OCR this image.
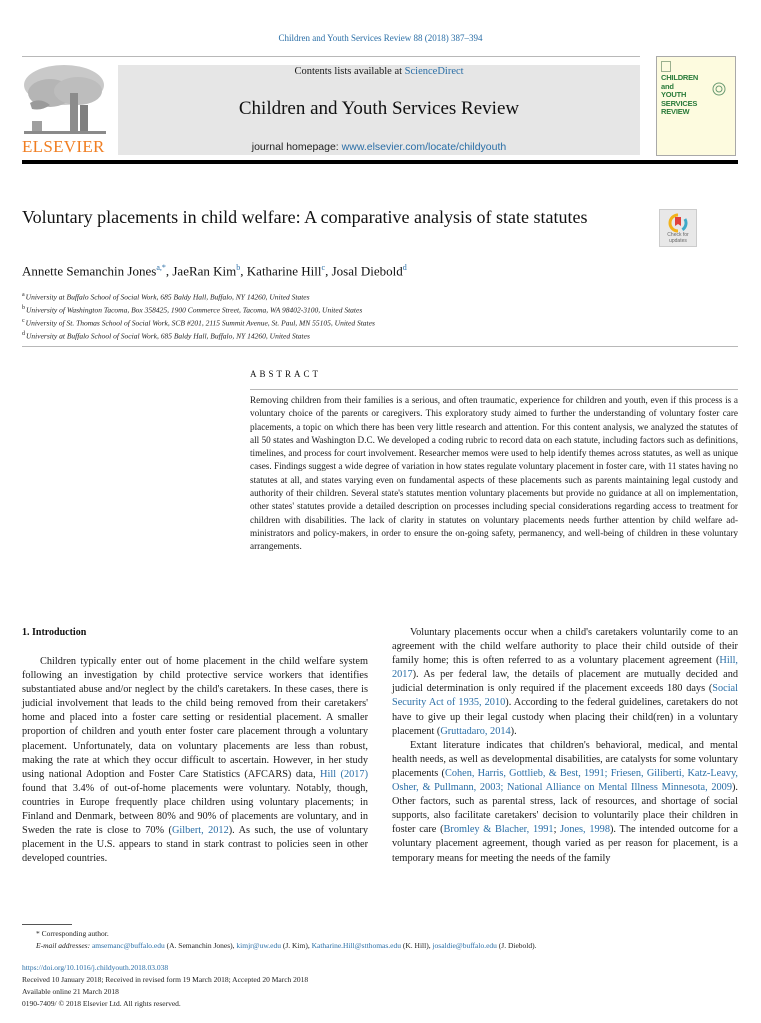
Children and Youth Services Review 88 (2018) 387–394
ELSEVIER
Contents lists available at ScienceDirect
Children and Youth Services Review
journal homepage: www.elsevier.com/locate/childyouth
CHILDREN
and
YOUTH
SERVICES
REVIEW
Voluntary placements in child welfare: A comparative analysis of state statutes
Check for
updates
Annette Semanchin Jones$^{a,*}$, JaeRan Kim$^b$, Katharine Hill$^c$, Josal Diebold$^d$
$^a$University at Buffalo School of Social Work, 685 Baldy Hall, Buffalo, NY 14260, United States
$^b$University of Washington Tacoma, Box 358425, 1900 Commerce Street, Tacoma, WA 98402-3100, United States
$^c$University of St. Thomas School of Social Work, SCB #201, 2115 Summit Avenue, St. Paul, MN 55105, United States
$^d$University at Buffalo School of Social Work, 685 Baldy Hall, Buffalo, NY 14260, United States
ABSTRACT
Removing children from their families is a serious, and often traumatic, experience for children and youth, even if this process is a voluntary choice of the parents or caregivers. This exploratory study aimed to further the understanding of voluntary foster care placements, a topic on which there has been very little research and attention. For this content analysis, we analyzed the statutes of all 50 states and Washington D.C. We developed a coding rubric to record data on each statute, including factors such as definitions, timelines, and process for court involvement. Researcher memos were used to help identify themes across statutes, as well as unique cases. Findings suggest a wide degree of variation in how states regulate voluntary placement in foster care, with 11 states having no statutes at all, and states varying even on fundamental aspects of these placements such as parents maintaining legal custody and authority of their children. Several state's statutes mention voluntary placements but provide no guidance at all on implementation, other states' statutes provide a detailed description on processes including special considerations regarding access to treatment for children with disabilities. The lack of clarity in statutes on voluntary placements needs further attention by child welfare administrators and policy-makers, in order to ensure the on-going safety, permanency, and well-being of children in these voluntary arrangements.
1. Introduction

Children typically enter out of home placement in the child welfare system following an investigation by child protective service workers that identifies substantiated abuse and/or neglect by the child's caretakers. In these cases, there is judicial involvement that leads to the child being removed from their caretakers' home and placed into a foster care setting or residential placement. A smaller proportion of children and youth enter foster care placement through a voluntary placement. Unfortunately, data on voluntary placements are less than robust, making the rate at which they occur difficult to ascertain. However, in her study using national Adoption and Foster Care Statistics (AFCARS) data, Hill (2017) found that 3.4% of out-of-home placements were voluntary. Notably, though, countries in Europe frequently place children using voluntary placements; in Finland and Denmark, between 80% and 90% of placements are voluntary, and in Sweden the rate is close to 70% (Gilbert, 2012). As such, the use of voluntary placement in the U.S. appears to stand in stark contrast to policies seen in other developed countries.

Voluntary placements occur when a child's caretakers voluntarily come to an agreement with the child welfare authority to place their child outside of their family home; this is often referred to as a voluntary placement agreement (Hill, 2017). As per federal law, the details of placement are mutually decided and judicial determination is only required if the placement exceeds 180 days (Social Security Act of 1935, 2010). According to the federal guidelines, caretakers do not have to give up their legal custody when placing their child(ren) in a voluntary placement (Gruttadaro, 2014).

Extant literature indicates that children's behavioral, medical, and mental health needs, as well as developmental disabilities, are catalysts for some voluntary placements (Cohen, Harris, Gottlieb, & Best, 1991; Friesen, Giliberti, Katz-Leavy, Osher, & Pullmann, 2003; National Alliance on Mental Illness Minnesota, 2009). Other factors, such as parental stress, lack of resources, and shortage of social supports, also facilitate caretakers' decision to voluntarily place their children in foster care (Bromley & Blacher, 1991; Jones, 1998). The intended outcome for a voluntary placement agreement, though varied as per reason for placement, is a temporary means for meeting the needs of the family

* Corresponding author.
E-mail addresses: amsemanc@buffalo.edu (A. Semanchin Jones), kimjr@uw.edu (J. Kim), Katharine.Hill@stthomas.edu (K. Hill), josaldie@buffalo.edu (J. Diebold).
https://doi.org/10.1016/j.childyouth.2018.03.038
Received 10 January 2018; Received in revised form 19 March 2018; Accepted 20 March 2018
Available online 21 March 2018
0190-7409/ © 2018 Elsevier Ltd. All rights reserved.
